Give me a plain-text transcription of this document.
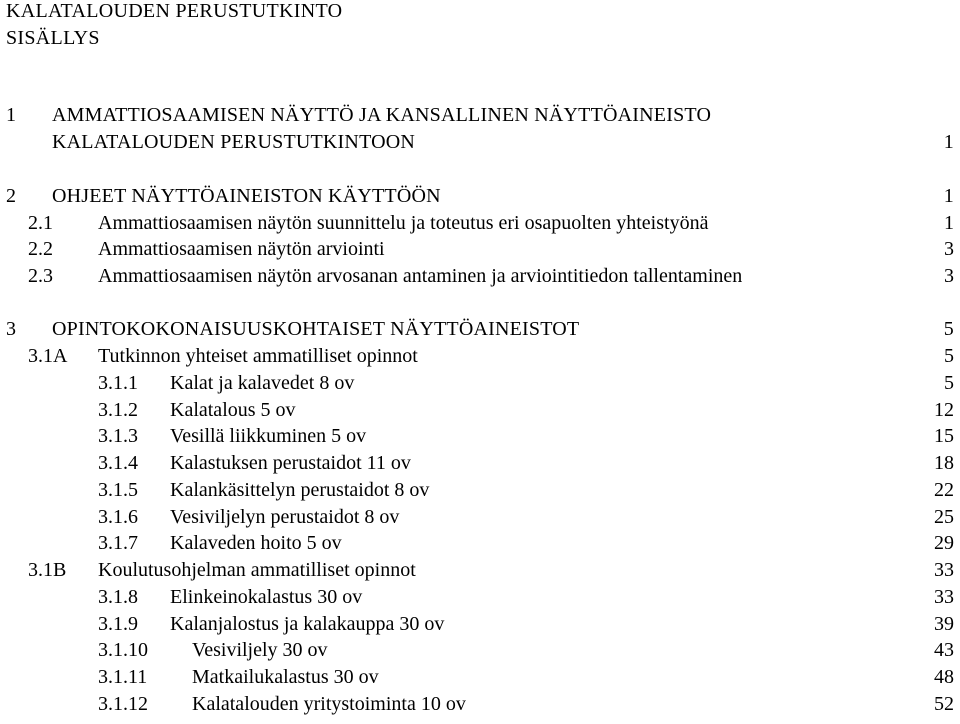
KALATALOUDEN PERUSTUTKINTO
SISÄLLYS
1 AMMATTIOSAAMISEN NÄYTTÖ JA KANSALLINEN NÄYTTÖAINEISTO
KALATALOUDEN PERUSTUTKINTOON	1
2 OHJEET NÄYTTÖAINEISTON KÄYTTÖÖN	1
2.1 Ammattiosaamisen näytön suunnittelu ja toteutus eri osapuolten yhteistyönä	1
2.2 Ammattiosaamisen näytön arviointi	3
2.3 Ammattiosaamisen näytön arvosanan antaminen ja arviointitiedon tallentaminen	3
3 OPINTOKOKONAISUUSKOHTAISET NÄYTTÖAINEISTOT	5
3.1A Tutkinnon yhteiset ammatilliset opinnot	5
3.1.1 Kalat ja kalavedet 8 ov	5
3.1.2 Kalatalous 5 ov	12
3.1.3 Vesillä liikkuminen 5 ov	15
3.1.4 Kalastuksen perustaidot 11 ov	18
3.1.5 Kalankäsittelyn perustaidot 8 ov	22
3.1.6 Vesiviljelyn perustaidot 8 ov	25
3.1.7 Kalaveden hoito 5 ov	29
3.1B Koulutusohjelman ammatilliset opinnot	33
3.1.8 Elinkeinokalastus 30 ov	33
3.1.9 Kalanjalostus ja kalakauppa 30 ov	39
3.1.10 Vesiviljely 30 ov	43
3.1.11 Matkailukalastus 30 ov	48
3.1.12 Kalatalouden yritystoiminta 10 ov	52
